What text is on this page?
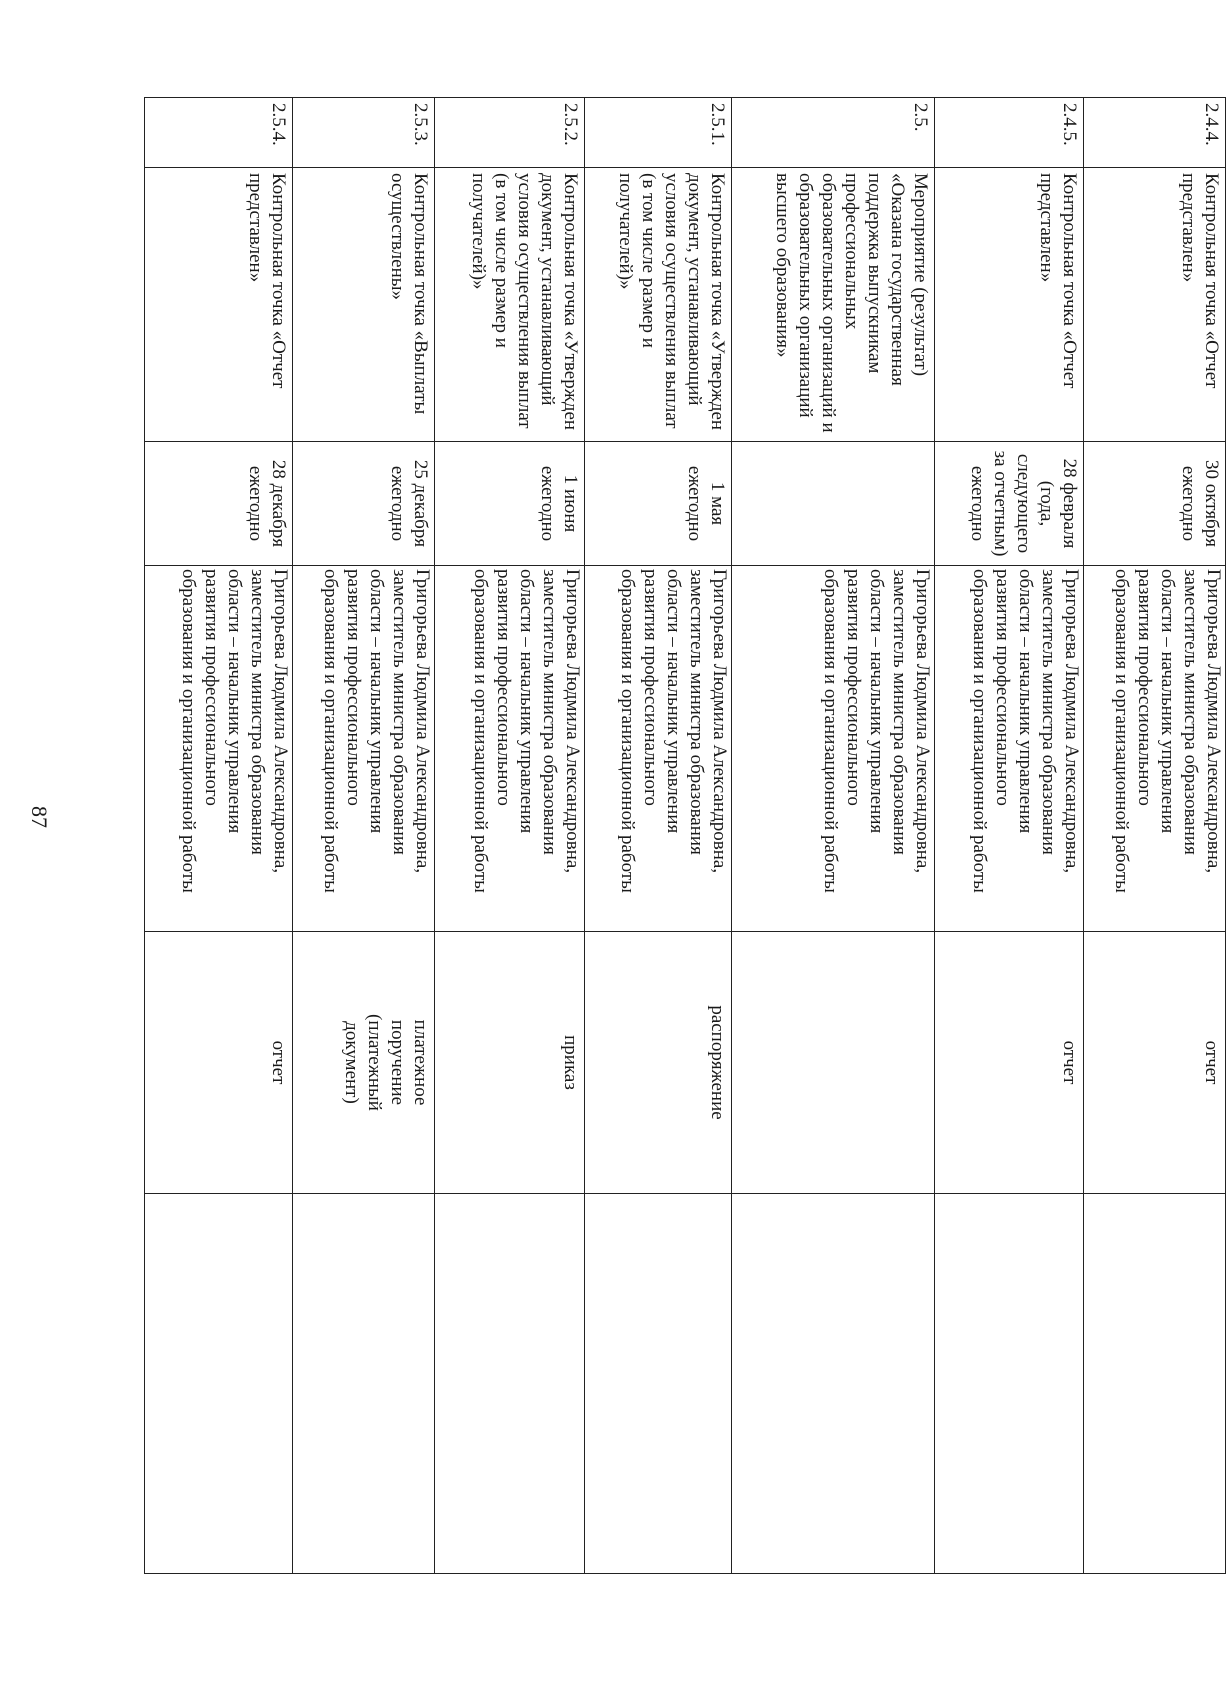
87
2.4.4.	Контрольная точка «Отчет представлен»	30 октября
ежегодно	Григорьева Людмила Александровна,
заместитель министра образования
области – начальник управления
развития профессионального
образования и организационной работы	отчет	

2.4.5.	Контрольная точка «Отчет представлен»	28 февраля
(года,
следующего
за отчетным)
ежегодно	Григорьева Людмила Александровна,
заместитель министра образования
области – начальник управления
развития профессионального
образования и организационной работы	отчет	

2.5.	Мероприятие (результат) «Оказана государственная поддержка выпускникам профессиональных образовательных организаций и образовательных организаций высшего образования»		Григорьева Людмила Александровна,
заместитель министра образования
области – начальник управления
развития профессионального
образования и организационной работы		

2.5.1.	Контрольная точка «Утвержден документ, устанавливающий условия осуществления выплат (в том числе размер и получателей)»	1 мая
ежегодно	Григорьева Людмила Александровна,
заместитель министра образования
области – начальник управления
развития профессионального
образования и организационной работы	распоряжение	

2.5.2.	Контрольная точка «Утвержден документ, устанавливающий условия осуществления выплат (в том числе размер и получателей)»	1 июня
ежегодно	Григорьева Людмила Александровна,
заместитель министра образования
области – начальник управления
развития профессионального
образования и организационной работы	приказ	

2.5.3.	Контрольная точка «Выплаты осуществлены»	25 декабря
ежегодно	Григорьева Людмила Александровна,
заместитель министра образования
области – начальник управления
развития профессионального
образования и организационной работы	платежное поручение (платежный документ)	

2.5.4.	Контрольная точка «Отчет представлен»	28 декабря
ежегодно	Григорьева Людмила Александровна,
заместитель министра образования
области – начальник управления
развития профессионального
образования и организационной работы	отчет	
